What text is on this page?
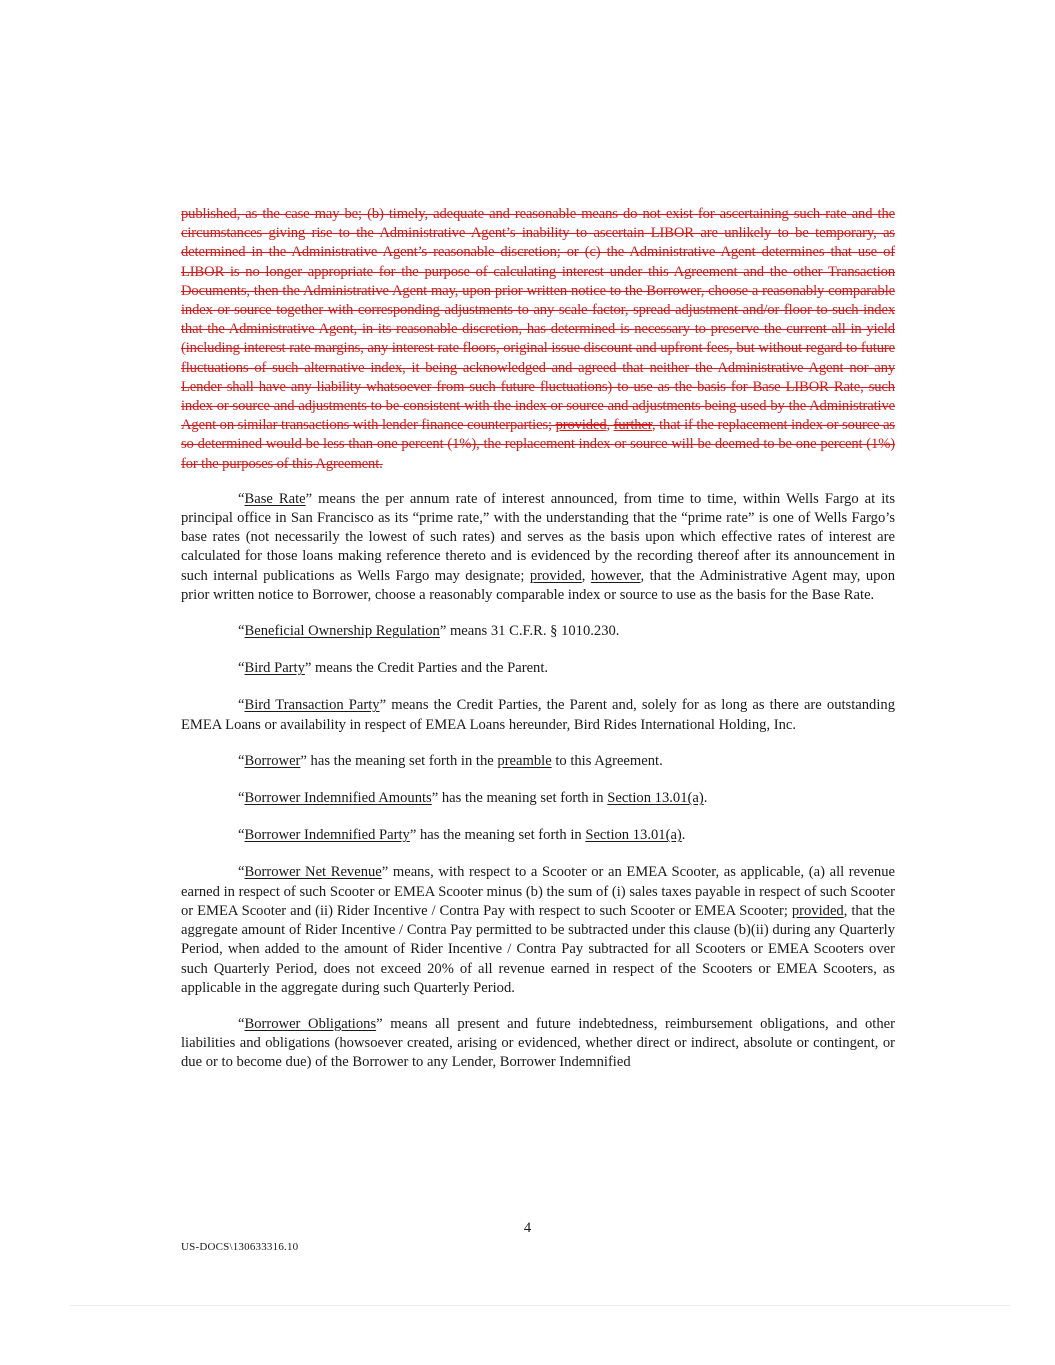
published, as the case may be; (b) timely, adequate and reasonable means do not exist for ascertaining such rate and the circumstances giving rise to the Administrative Agent’s inability to ascertain LIBOR are unlikely to be temporary, as determined in the Administrative Agent’s reasonable discretion; or (c) the Administrative Agent determines that use of LIBOR is no longer appropriate for the purpose of calculating interest under this Agreement and the other Transaction Documents, then the Administrative Agent may, upon prior written notice to the Borrower, choose a reasonably comparable index or source together with corresponding adjustments to any scale factor, spread adjustment and/or floor to such index that the Administrative Agent, in its reasonable discretion, has determined is necessary to preserve the current all-in yield (including interest rate margins, any interest rate floors, original issue discount and upfront fees, but without regard to future fluctuations of such alternative index, it being acknowledged and agreed that neither the Administrative Agent nor any Lender shall have any liability whatsoever from such future fluctuations) to use as the basis for Base LIBOR Rate, such index or source and adjustments to be consistent with the index or source and adjustments being used by the Administrative Agent on similar transactions with lender finance counterparties; provided, further, that if the replacement index or source as so determined would be less than one percent (1%), the replacement index or source will be deemed to be one percent (1%) for the purposes of this Agreement.

“Base Rate” means the per annum rate of interest announced, from time to time, within Wells Fargo at its principal office in San Francisco as its “prime rate,” with the understanding that the “prime rate” is one of Wells Fargo’s base rates (not necessarily the lowest of such rates) and serves as the basis upon which effective rates of interest are calculated for those loans making reference thereto and is evidenced by the recording thereof after its announcement in such internal publications as Wells Fargo may designate; provided, however, that the Administrative Agent may, upon prior written notice to Borrower, choose a reasonably comparable index or source to use as the basis for the Base Rate.

“Beneficial Ownership Regulation” means 31 C.F.R. § 1010.230.

“Bird Party” means the Credit Parties and the Parent.

“Bird Transaction Party” means the Credit Parties, the Parent and, solely for as long as there are outstanding EMEA Loans or availability in respect of EMEA Loans hereunder, Bird Rides International Holding, Inc.

“Borrower” has the meaning set forth in the preamble to this Agreement.

“Borrower Indemnified Amounts” has the meaning set forth in Section 13.01(a).

“Borrower Indemnified Party” has the meaning set forth in Section 13.01(a).

“Borrower Net Revenue” means, with respect to a Scooter or an EMEA Scooter, as applicable, (a) all revenue earned in respect of such Scooter or EMEA Scooter minus (b) the sum of (i) sales taxes payable in respect of such Scooter or EMEA Scooter and (ii) Rider Incentive / Contra Pay with respect to such Scooter or EMEA Scooter; provided, that the aggregate amount of Rider Incentive / Contra Pay permitted to be subtracted under this clause (b)(ii) during any Quarterly Period, when added to the amount of Rider Incentive / Contra Pay subtracted for all Scooters or EMEA Scooters over such Quarterly Period, does not exceed 20% of all revenue earned in respect of the Scooters or EMEA Scooters, as applicable in the aggregate during such Quarterly Period.

“Borrower Obligations” means all present and future indebtedness, reimbursement obligations, and other liabilities and obligations (howsoever created, arising or evidenced, whether direct or indirect, absolute or contingent, or due or to become due) of the Borrower to any Lender, Borrower Indemnified

4
US-DOCS\130633316.10
